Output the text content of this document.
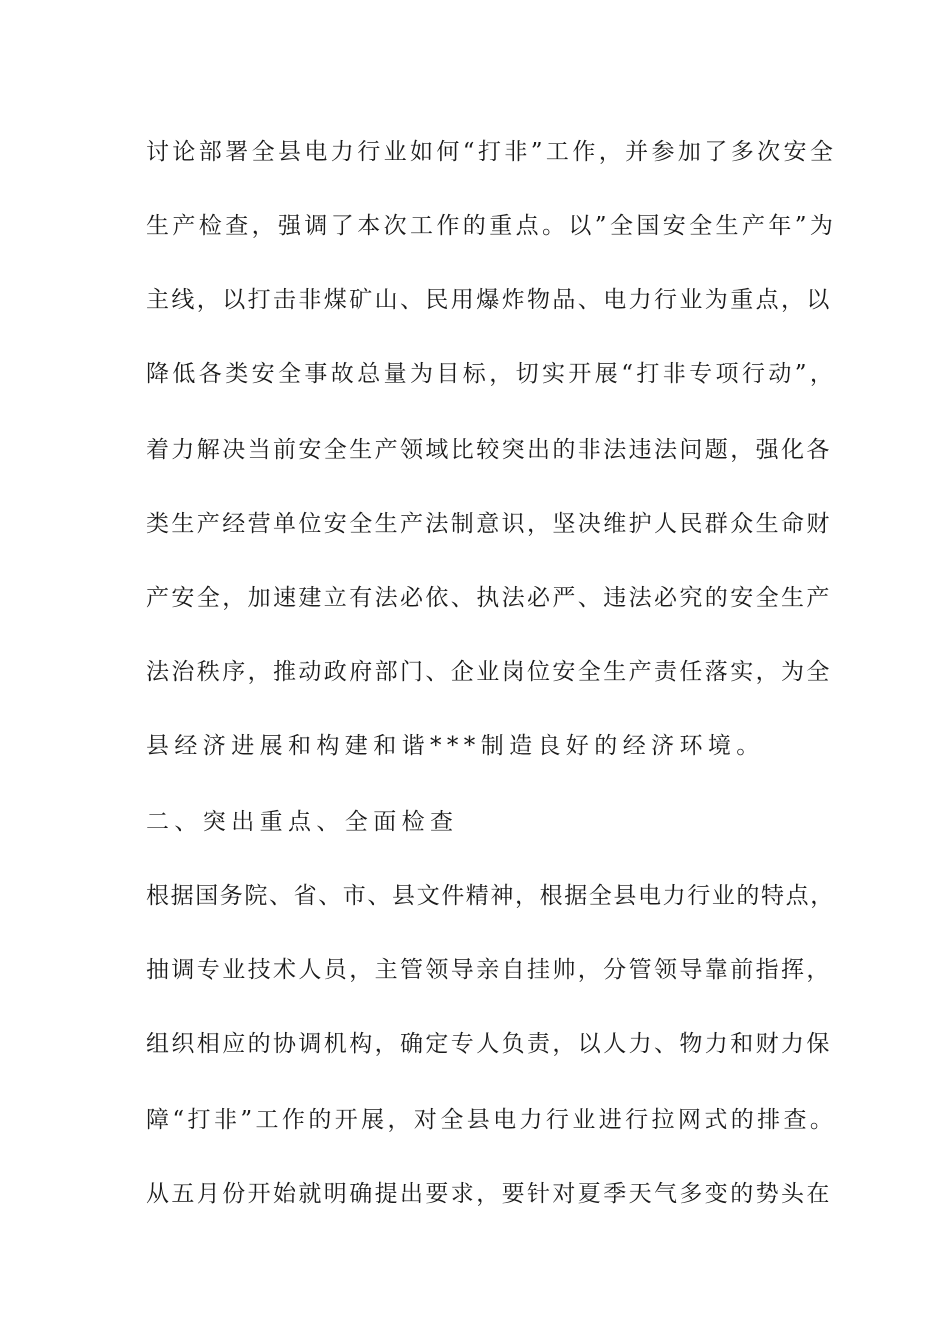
讨论部署全县电力行业如何“打非”工作，并参加了多次安全
生产检查，强调了本次工作的重点。以”全国安全生产年”为
主线，以打击非煤矿山、民用爆炸物品、电力行业为重点，以
降低各类安全事故总量为目标，切实开展“打非专项行动”，
着力解决当前安全生产领域比较突出的非法违法问题，强化各
类生产经营单位安全生产法制意识，坚决维护人民群众生命财
产安全，加速建立有法必依、执法必严、违法必究的安全生产
法治秩序，推动政府部门、企业岗位安全生产责任落实，为全
县经济进展和构建和谐***制造良好的经济环境。
二、突出重点、全面检查
根据国务院、省、市、县文件精神，根据全县电力行业的特点，
抽调专业技术人员，主管领导亲自挂帅，分管领导靠前指挥，
组织相应的协调机构，确定专人负责，以人力、物力和财力保
障“打非”工作的开展，对全县电力行业进行拉网式的排查。
从五月份开始就明确提出要求，要针对夏季天气多变的势头在
